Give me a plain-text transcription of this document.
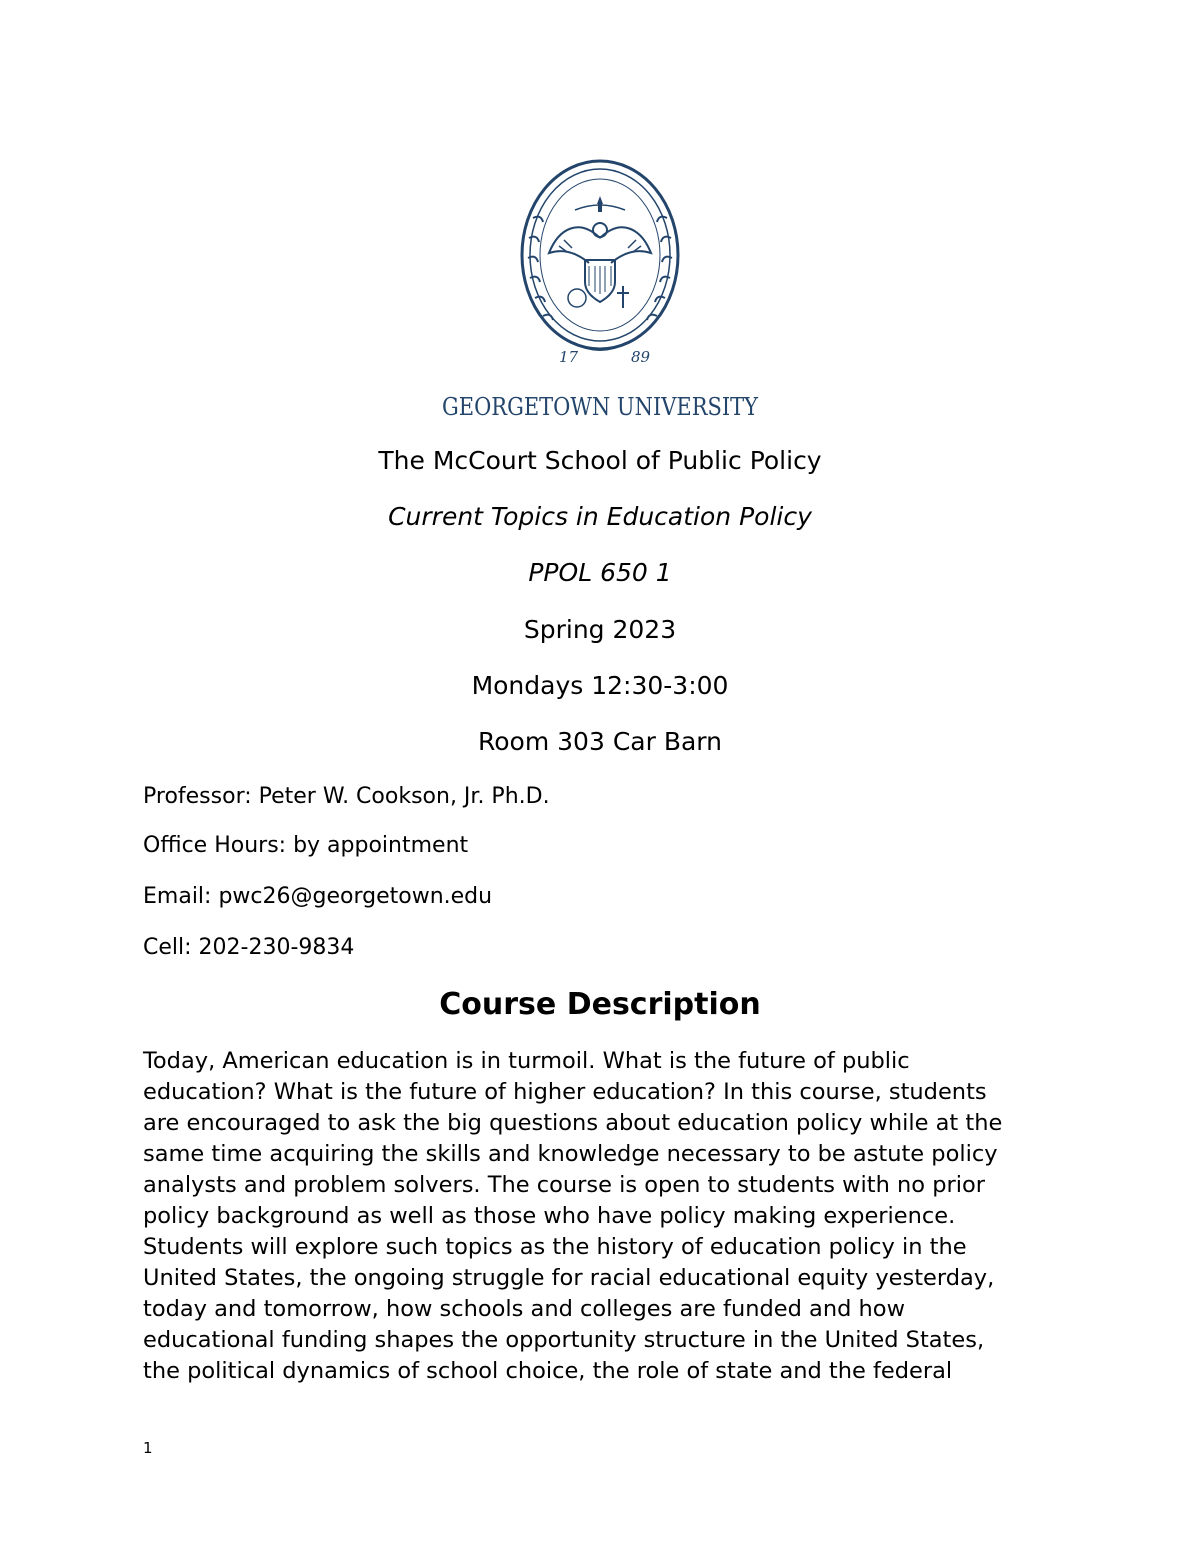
17	89
GEORGETOWN UNIVERSITY
The McCourt School of Public Policy
Current Topics in Education Policy
PPOL 650 1
Spring 2023
Mondays 12:30-3:00
Room 303 Car Barn
Professor: Peter W. Cookson, Jr. Ph.D.
Office Hours: by appointment
Email: pwc26@georgetown.edu
Cell: 202-230-9834
Course Description
Today, American education is in turmoil. What is the future of public
education? What is the future of higher education? In this course, students
are encouraged to ask the big questions about education policy while at the
same time acquiring the skills and knowledge necessary to be astute policy
analysts and problem solvers. The course is open to students with no prior
policy background as well as those who have policy making experience.
Students will explore such topics as the history of education policy in the
United States, the ongoing struggle for racial educational equity yesterday,
today and tomorrow, how schools and colleges are funded and how
educational funding shapes the opportunity structure in the United States,
the political dynamics of school choice, the role of state and the federal
1
